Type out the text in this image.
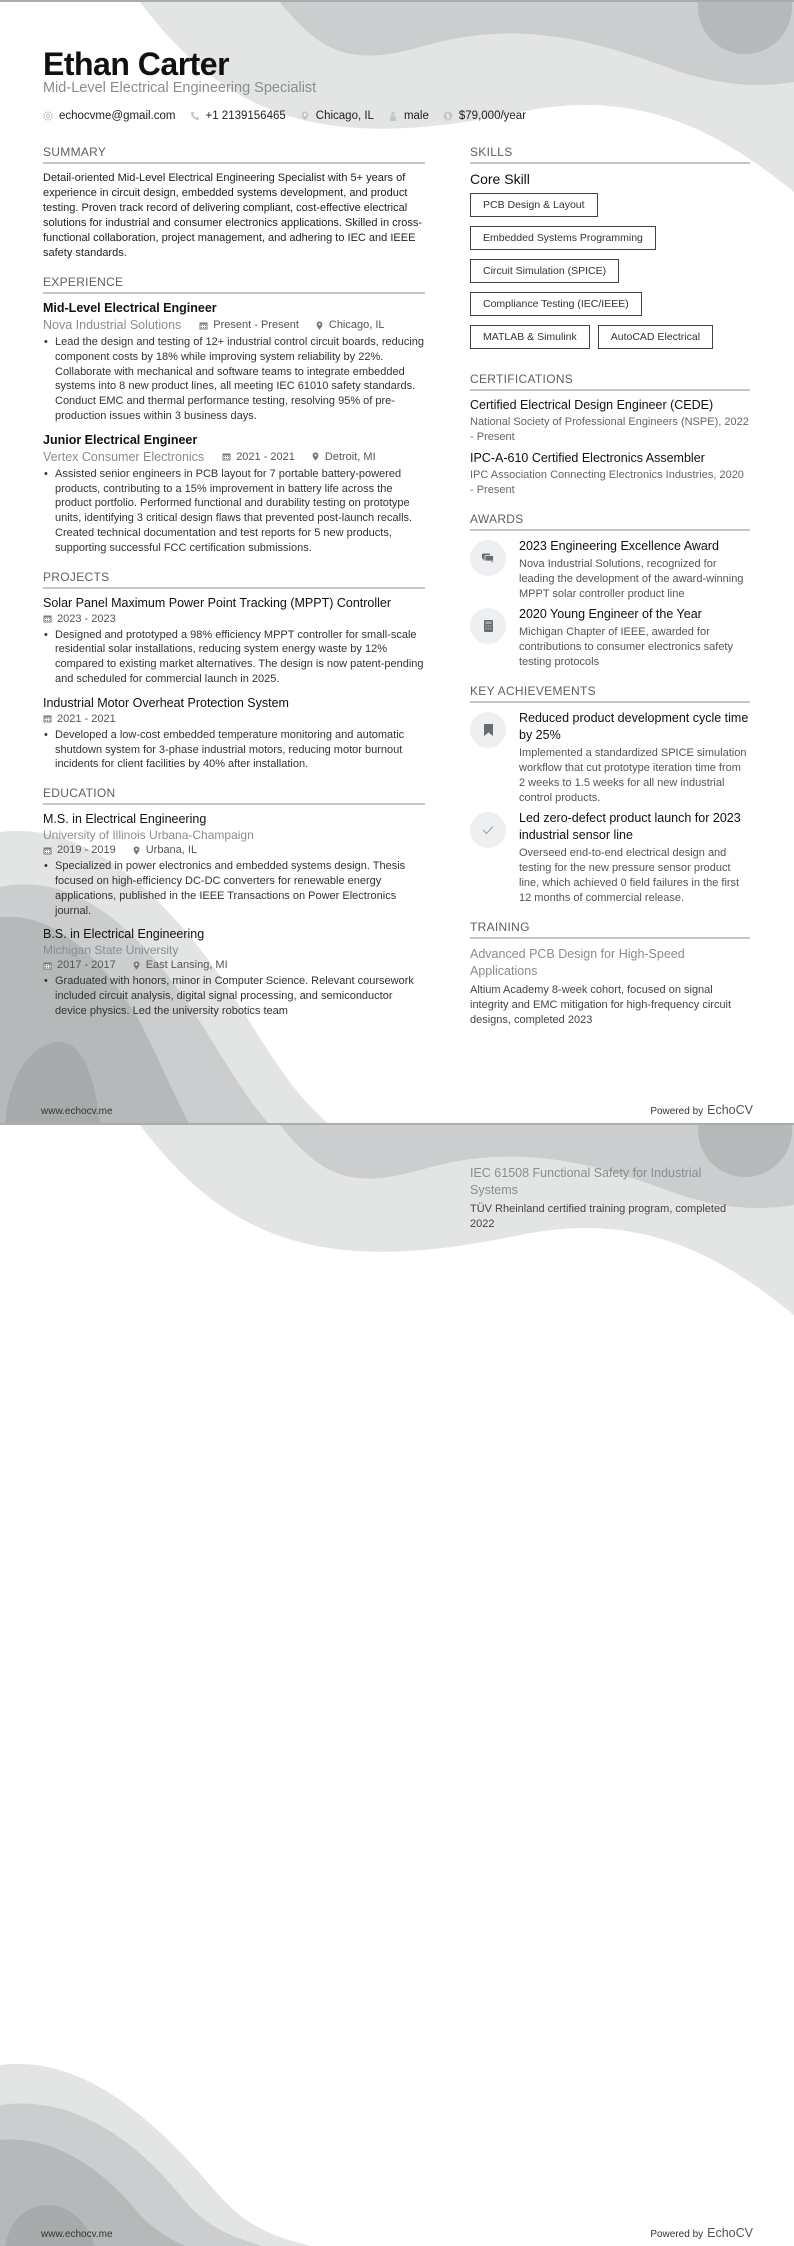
Ethan Carter
Mid-Level Electrical Engineering Specialist
echocvme@gmail.com	+1 2139156465	Chicago, IL	male $ $79,000/year
SUMMARY
Detail-oriented Mid-Level Electrical Engineering Specialist with 5+ years of experience in circuit design, embedded systems development, and product testing. Proven track record of delivering compliant, cost-effective electrical solutions for industrial and consumer electronics applications. Skilled in cross-functional collaboration, project management, and adhering to IEC and IEEE safety standards.
EXPERIENCE
Mid-Level Electrical Engineer
Nova Industrial Solutions	Present - Present	Chicago, IL
• Lead the design and testing of 12+ industrial control circuit boards, reducing component costs by 18% while improving system reliability by 22%. Collaborate with mechanical and software teams to integrate embedded systems into 8 new product lines, all meeting IEC 61010 safety standards. Conduct EMC and thermal performance testing, resolving 95% of pre-production issues within 3 business days.
Junior Electrical Engineer
Vertex Consumer Electronics	2021 - 2021	Detroit, MI
• Assisted senior engineers in PCB layout for 7 portable battery-powered products, contributing to a 15% improvement in battery life across the product portfolio. Performed functional and durability testing on prototype units, identifying 3 critical design flaws that prevented post-launch recalls. Created technical documentation and test reports for 5 new products, supporting successful FCC certification submissions.
PROJECTS
Solar Panel Maximum Power Point Tracking (MPPT) Controller
2023 - 2023
• Designed and prototyped a 98% efficiency MPPT controller for small-scale residential solar installations, reducing system energy waste by 12% compared to existing market alternatives. The design is now patent-pending and scheduled for commercial launch in 2025.
Industrial Motor Overheat Protection System
2021 - 2021
• Developed a low-cost embedded temperature monitoring and automatic shutdown system for 3-phase industrial motors, reducing motor burnout incidents for client facilities by 40% after installation.
EDUCATION
M.S. in Electrical Engineering
University of Illinois Urbana-Champaign
2019 - 2019	Urbana, IL
• Specialized in power electronics and embedded systems design. Thesis focused on high-efficiency DC-DC converters for renewable energy applications, published in the IEEE Transactions on Power Electronics journal.
B.S. in Electrical Engineering
Michigan State University
2017 - 2017	East Lansing, MI
• Graduated with honors, minor in Computer Science. Relevant coursework included circuit analysis, digital signal processing, and semiconductor device physics. Led the university robotics team
SKILLS
Core Skill
PCB Design & Layout
Embedded Systems Programming
Circuit Simulation (SPICE)
Compliance Testing (IEC/IEEE)
MATLAB & Simulink	AutoCAD Electrical
CERTIFICATIONS
Certified Electrical Design Engineer (CEDE)
National Society of Professional Engineers (NSPE), 2022 - Present
IPC-A-610 Certified Electronics Assembler
IPC Association Connecting Electronics Industries, 2020 - Present
AWARDS
2023 Engineering Excellence Award
Nova Industrial Solutions, recognized for leading the development of the award-winning MPPT solar controller product line
2020 Young Engineer of the Year
Michigan Chapter of IEEE, awarded for contributions to consumer electronics safety testing protocols
KEY ACHIEVEMENTS
Reduced product development cycle time by 25%
Implemented a standardized SPICE simulation workflow that cut prototype iteration time from 2 weeks to 1.5 weeks for all new industrial control products.
Led zero-defect product launch for 2023 industrial sensor line
Overseed end-to-end electrical design and testing for the new pressure sensor product line, which achieved 0 field failures in the first 12 months of commercial release.
TRAINING
Advanced PCB Design for High-Speed Applications
Altium Academy 8-week cohort, focused on signal integrity and EMC mitigation for high-frequency circuit designs, completed 2023
www.echocv.me	Powered by EchoCV
IEC 61508 Functional Safety for Industrial Systems
TÜV Rheinland certified training program, completed 2022
www.echocv.me	Powered by EchoCV
